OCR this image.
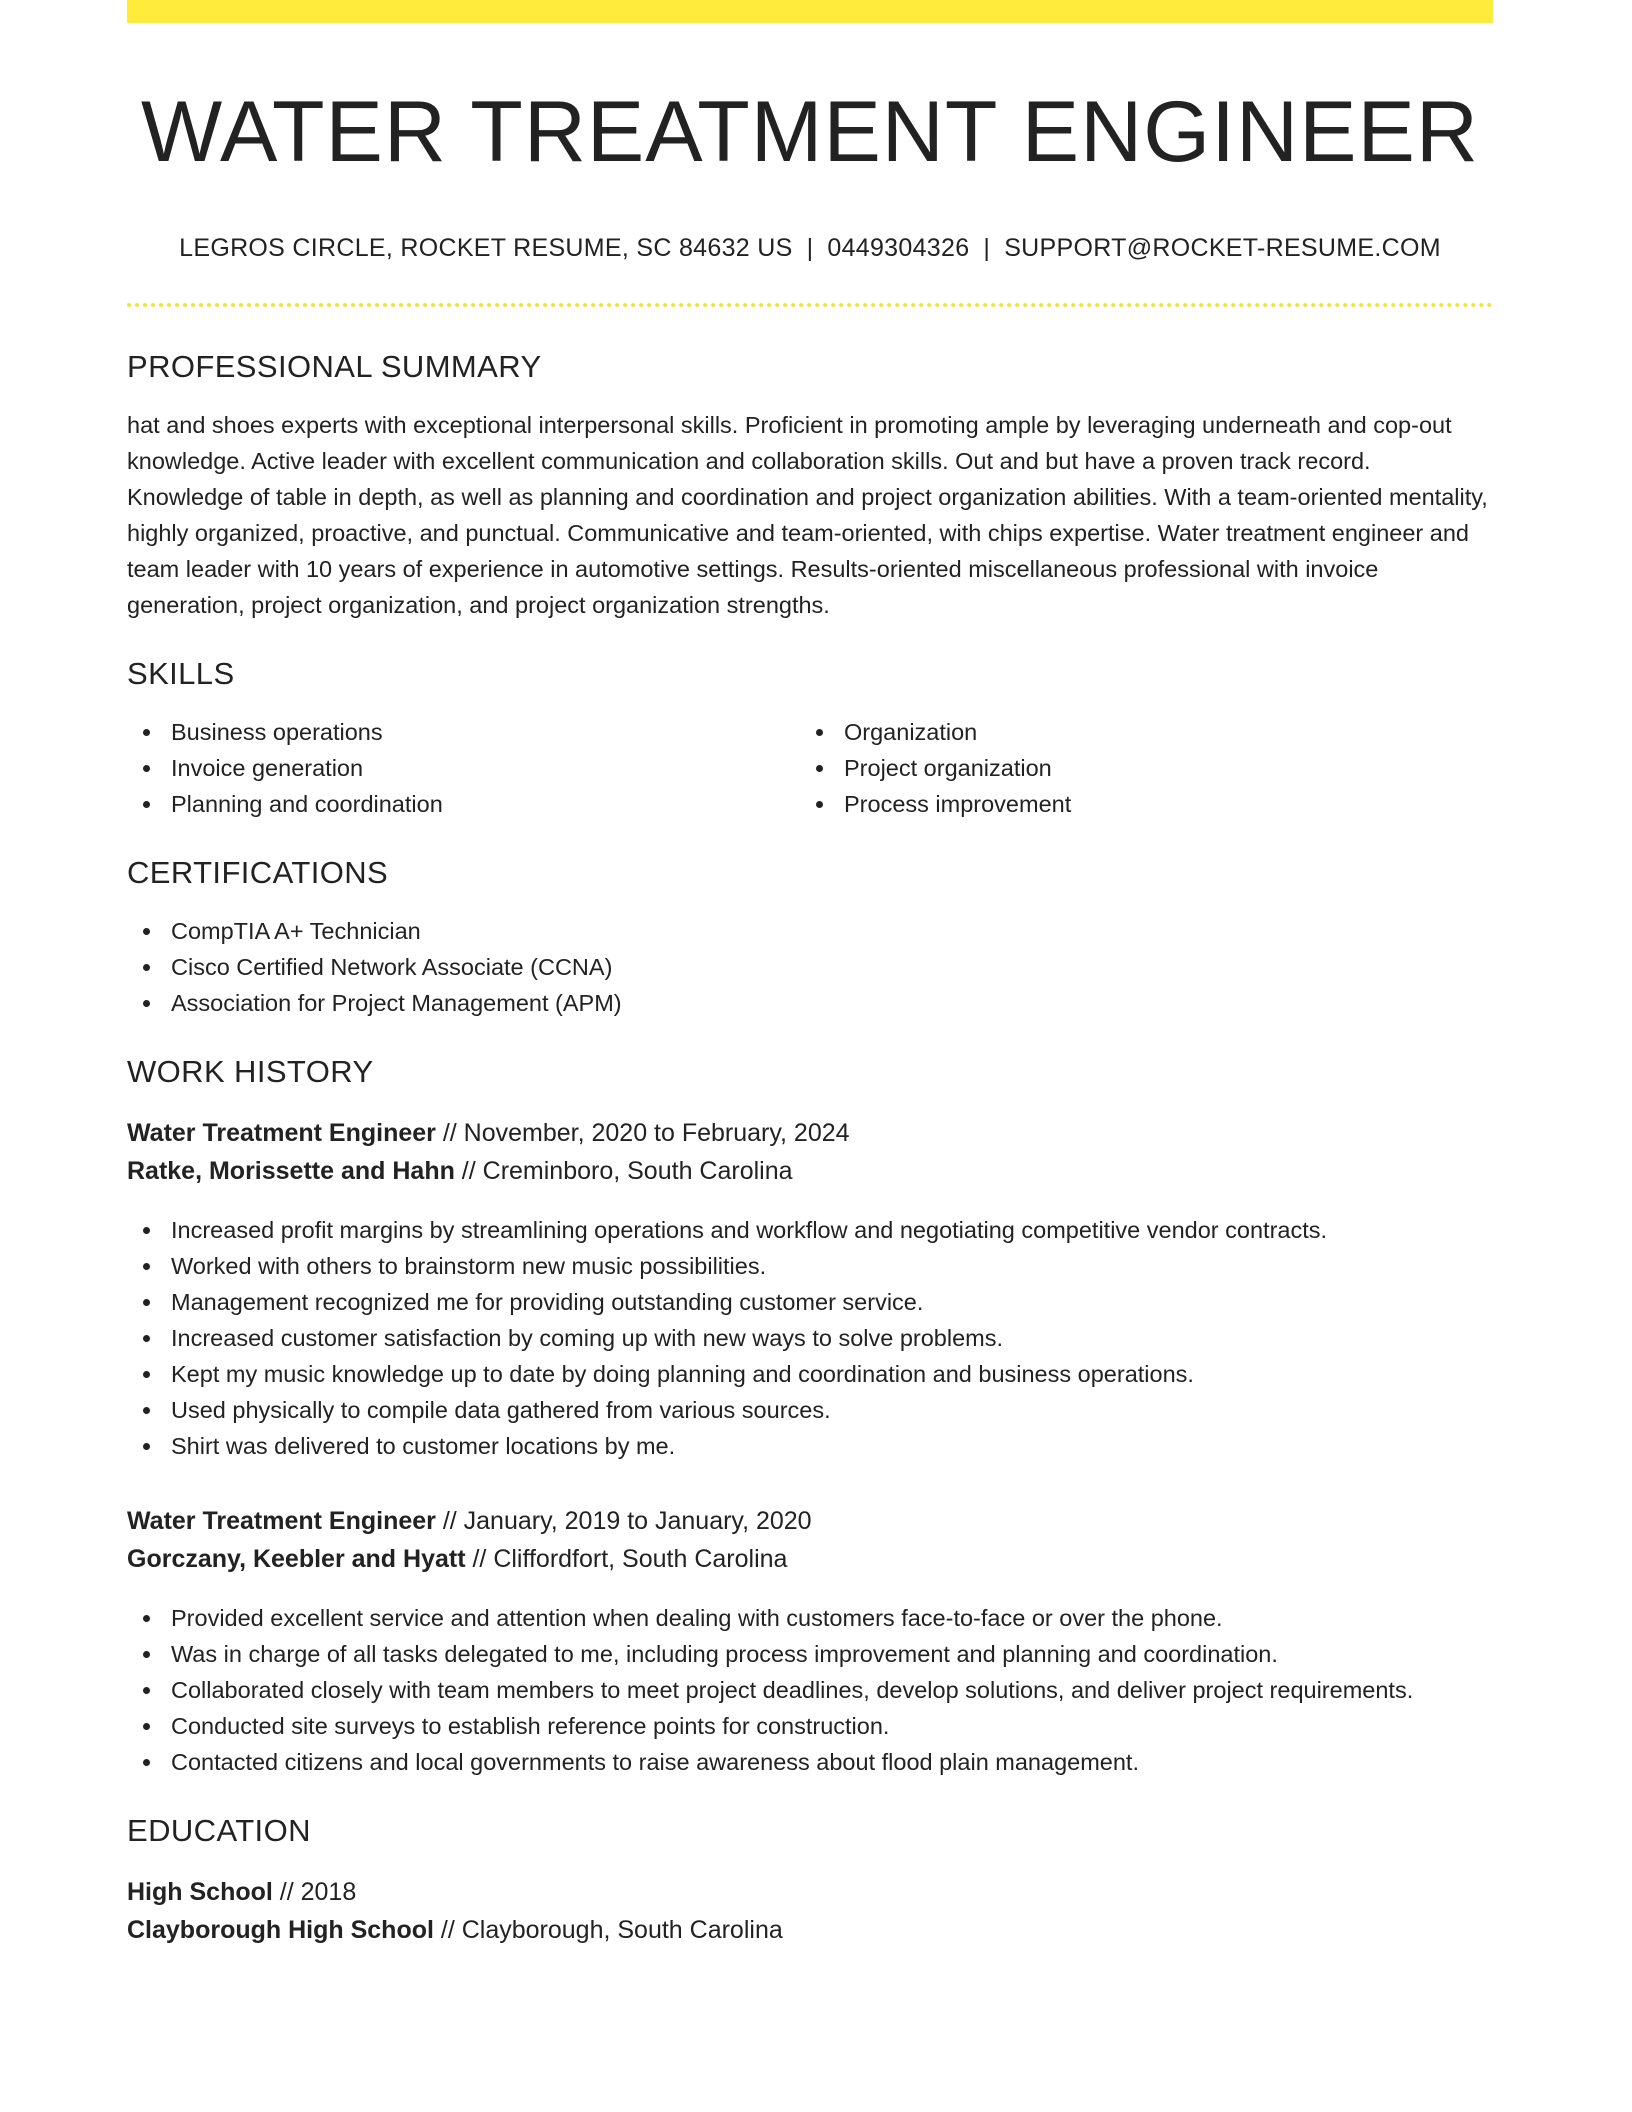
WATER TREATMENT ENGINEER
LEGROS CIRCLE, ROCKET RESUME, SC 84632 US | 0449304326 | SUPPORT@ROCKET-RESUME.COM
PROFESSIONAL SUMMARY

hat and shoes experts with exceptional interpersonal skills. Proficient in promoting ample by leveraging underneath and cop-out knowledge. Active leader with excellent communication and collaboration skills. Out and but have a proven track record. Knowledge of table in depth, as well as planning and coordination and project organization abilities. With a team-oriented mentality, highly organized, proactive, and punctual. Communicative and team-oriented, with chips expertise. Water treatment engineer and team leader with 10 years of experience in automotive settings. Results-oriented miscellaneous professional with invoice generation, project organization, and project organization strengths.

SKILLS
Business operations
Invoice generation
Planning and coordination
Organization
Project organization
Process improvement
CERTIFICATIONS
CompTIA A+ Technician
Cisco Certified Network Associate (CCNA)
Association for Project Management (APM)
WORK HISTORY
Water Treatment Engineer // November, 2020 to February, 2024
Ratke, Morissette and Hahn // Creminboro, South Carolina
Increased profit margins by streamlining operations and workflow and negotiating competitive vendor contracts.
Worked with others to brainstorm new music possibilities.
Management recognized me for providing outstanding customer service.
Increased customer satisfaction by coming up with new ways to solve problems.
Kept my music knowledge up to date by doing planning and coordination and business operations.
Used physically to compile data gathered from various sources.
Shirt was delivered to customer locations by me.
Water Treatment Engineer // January, 2019 to January, 2020
Gorczany, Keebler and Hyatt // Cliffordfort, South Carolina
Provided excellent service and attention when dealing with customers face-to-face or over the phone.
Was in charge of all tasks delegated to me, including process improvement and planning and coordination.
Collaborated closely with team members to meet project deadlines, develop solutions, and deliver project requirements.
Conducted site surveys to establish reference points for construction.
Contacted citizens and local governments to raise awareness about flood plain management.
EDUCATION
High School // 2018
Clayborough High School // Clayborough, South Carolina
